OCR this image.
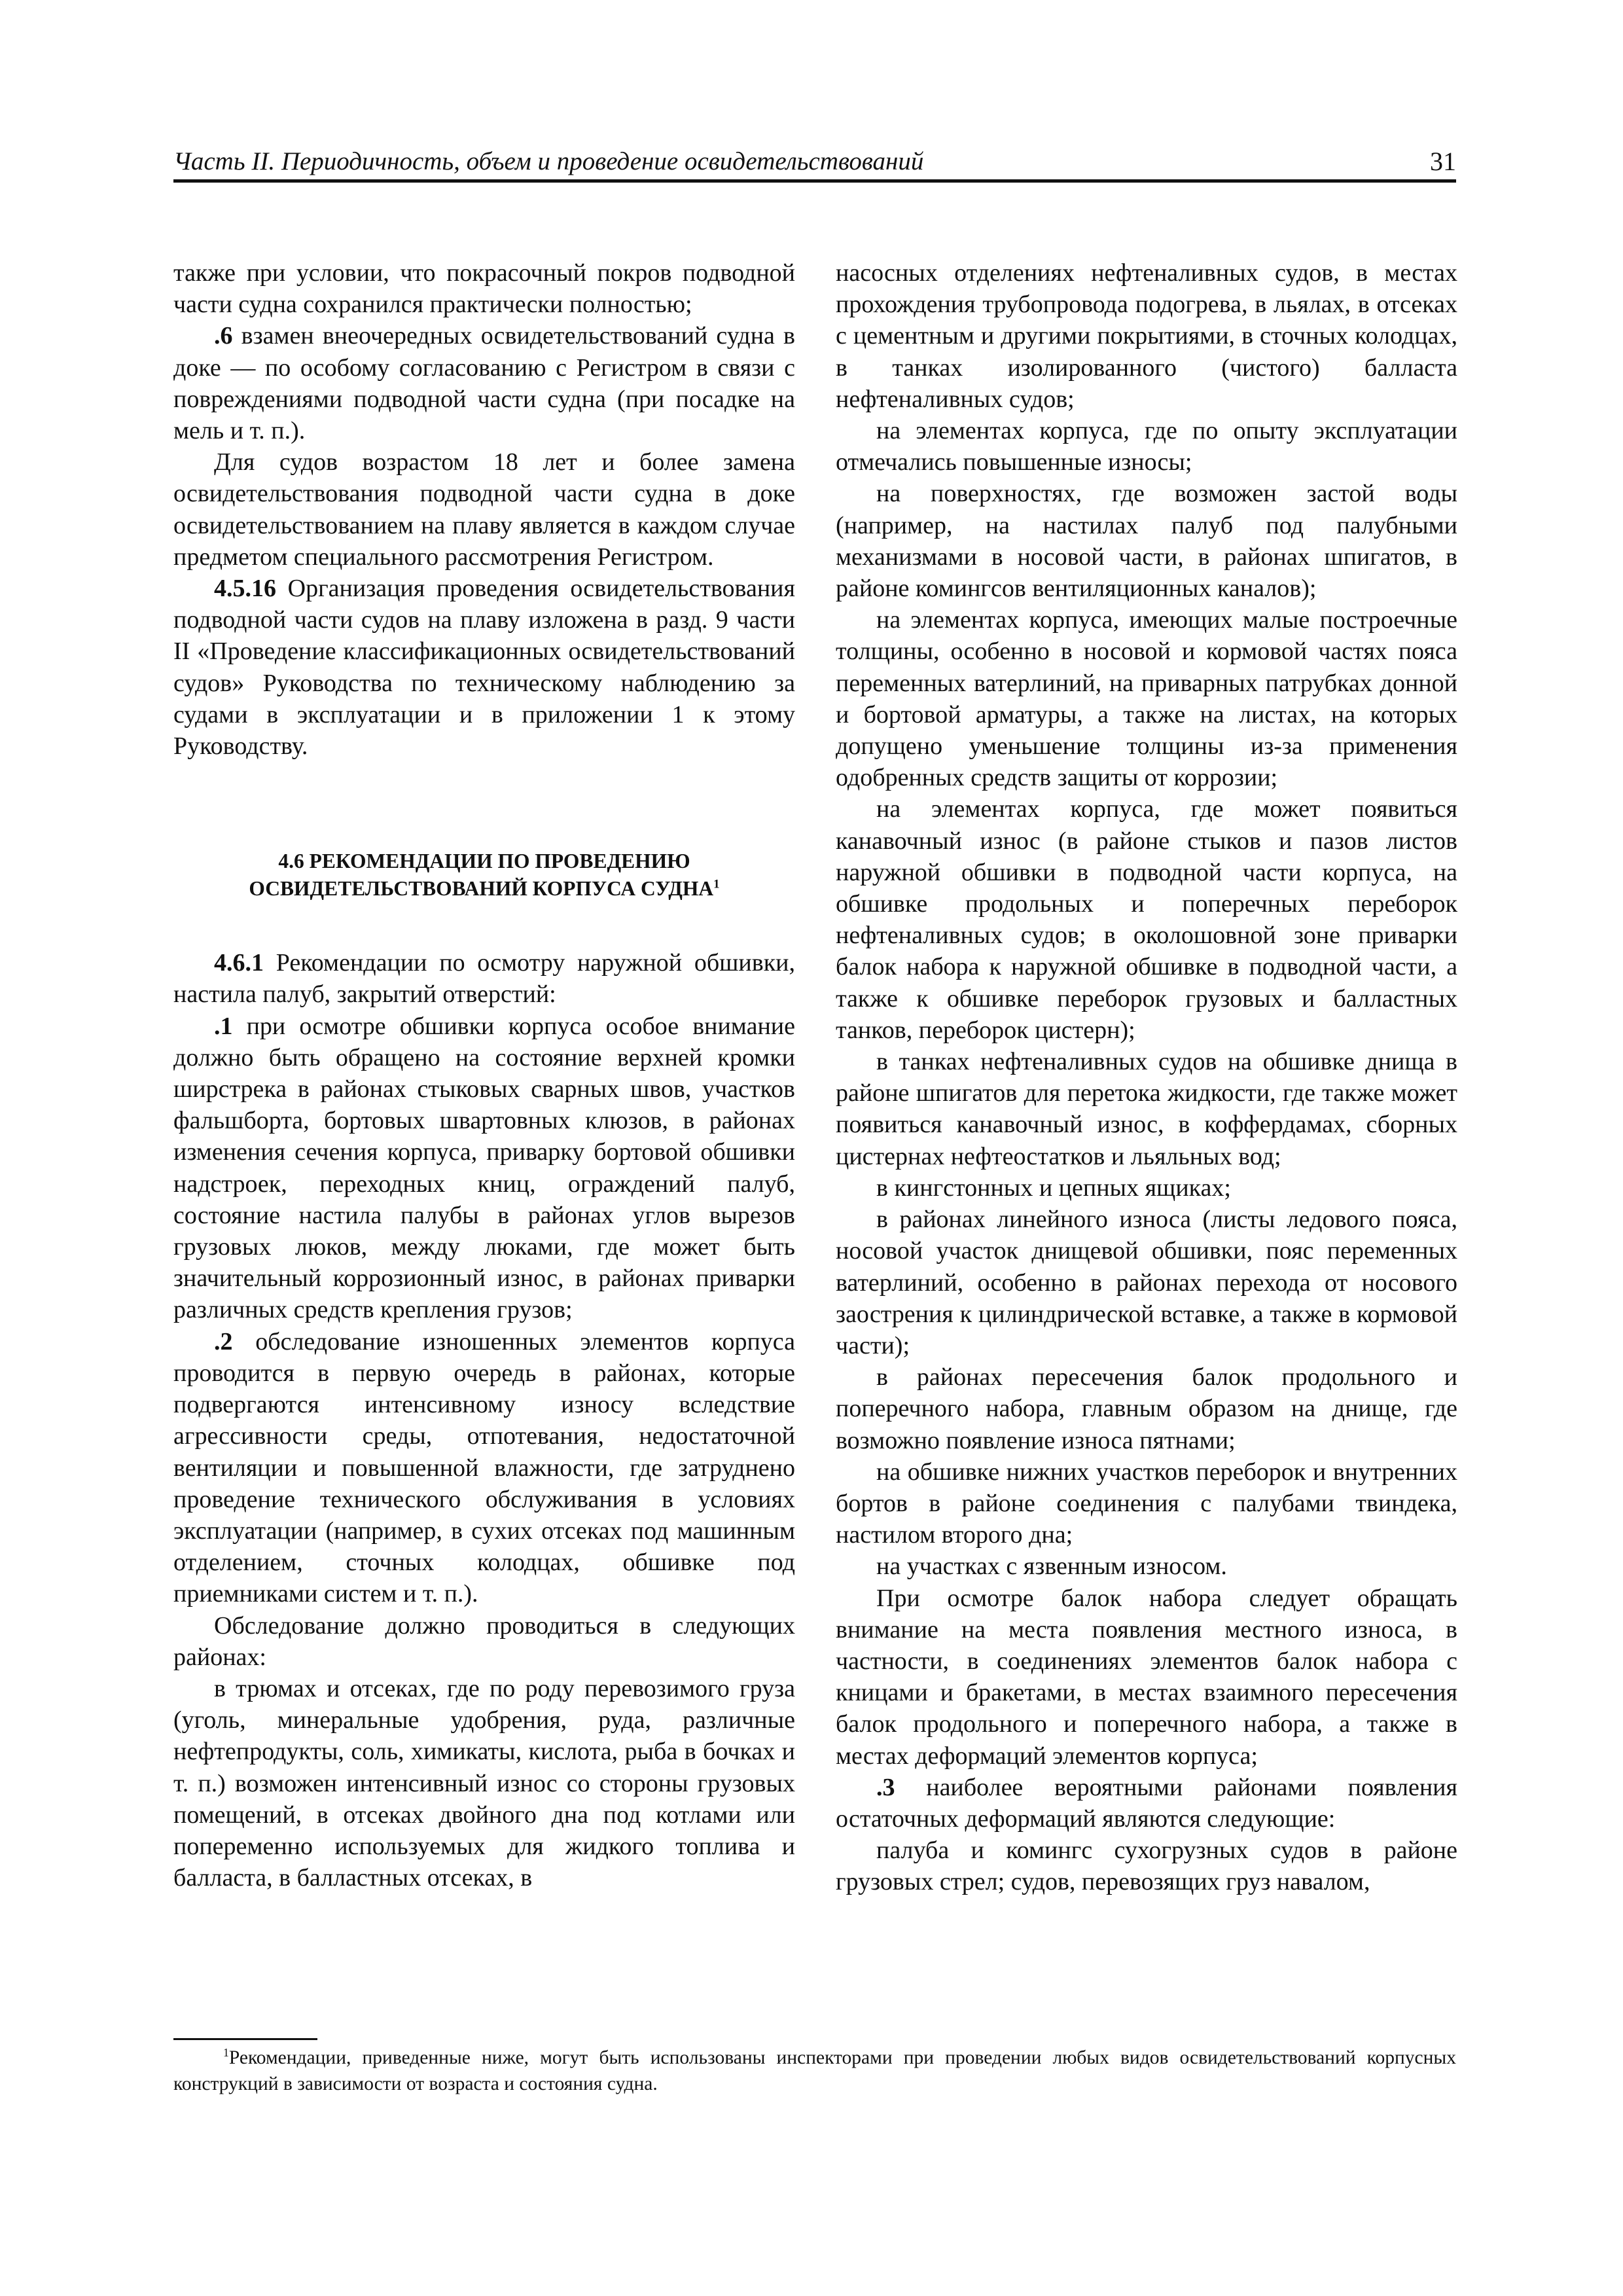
Часть II. Периодичность, объем и проведение освидетельствований	31

также при условии, что покрасочный покров подводной части судна сохранился практически полностью;

.6 взамен внеочередных освидетельствований судна в доке — по особому согласованию с Регистром в связи с повреждениями подводной части судна (при посадке на мель и т. п.).

Для судов возрастом 18 лет и более замена освидетельствования подводной части судна в доке освидетельствованием на плаву является в каждом случае предметом специального рассмотрения Регистром.

4.5.16 Организация проведения освидетельствования подводной части судов на плаву изложена в разд. 9 части II «Проведение классификационных освидетельствований судов» Руководства по техническому наблюдению за судами в эксплуатации и в приложении 1 к этому Руководству.

4.6 РЕКОМЕНДАЦИИ ПО ПРОВЕДЕНИЮ
ОСВИДЕТЕЛЬСТВОВАНИЙ КОРПУСА СУДНА$^1$

4.6.1 Рекомендации по осмотру наружной обшивки, настила палуб, закрытий отверстий:

.1 при осмотре обшивки корпуса особое внимание должно быть обращено на состояние верхней кромки ширстрека в районах стыковых сварных швов, участков фальшборта, бортовых швартовных клюзов, в районах изменения сечения корпуса, приварку бортовой обшивки надстроек, переходных книц, ограждений палуб, состояние настила палубы в районах углов вырезов грузовых люков, между люками, где может быть значительный коррозионный износ, в районах приварки различных средств крепления грузов;

.2 обследование изношенных элементов корпуса проводится в первую очередь в районах, которые подвергаются интенсивному износу вследствие агрессивности среды, отпотевания, недостаточной вентиляции и повышенной влажности, где затруднено проведение технического обслуживания в условиях эксплуатации (например, в сухих отсеках под машинным отделением, сточных колодцах, обшивке под приемниками систем и т. п.).

Обследование должно проводиться в следующих районах:

в трюмах и отсеках, где по роду перевозимого груза (уголь, минеральные удобрения, руда, различные нефтепродукты, соль, химикаты, кислота, рыба в бочках и т. п.) возможен интенсивный износ со стороны грузовых помещений, в отсеках двойного дна под котлами или попеременно используемых для жидкого топлива и балласта, в балластных отсеках, в

насосных отделениях нефтеналивных судов, в местах прохождения трубопровода подогрева, в льялах, в отсеках с цементным и другими покрытиями, в сточных колодцах, в танках изолированного (чистого) балласта нефтеналивных судов;

на элементах корпуса, где по опыту эксплуатации отмечались повышенные износы;

на поверхностях, где возможен застой воды (например, на настилах палуб под палубными механизмами в носовой части, в районах шпигатов, в районе комингсов вентиляционных каналов);

на элементах корпуса, имеющих малые построечные толщины, особенно в носовой и кормовой частях пояса переменных ватерлиний, на приварных патрубках донной и бортовой арматуры, а также на листах, на которых допущено уменьшение толщины из-за применения одобренных средств защиты от коррозии;

на элементах корпуса, где может появиться канавочный износ (в районе стыков и пазов листов наружной обшивки в подводной части корпуса, на обшивке продольных и поперечных переборок нефтеналивных судов; в околошовной зоне приварки балок набора к наружной обшивке в подводной части, а также к обшивке переборок грузовых и балластных танков, переборок цистерн);

в танках нефтеналивных судов на обшивке днища в районе шпигатов для перетока жидкости, где также может появиться канавочный износ, в коффердамах, сборных цистернах нефтеостатков и льяльных вод;

в кингстонных и цепных ящиках;

в районах линейного износа (листы ледового пояса, носовой участок днищевой обшивки, пояс переменных ватерлиний, особенно в районах перехода от носового заострения к цилиндрической вставке, а также в кормовой части);

в районах пересечения балок продольного и поперечного набора, главным образом на днище, где возможно появление износа пятнами;

на обшивке нижних участков переборок и внутренних бортов в районе соединения с палубами твиндека, настилом второго дна;

на участках с язвенным износом.

При осмотре балок набора следует обращать внимание на места появления местного износа, в частности, в соединениях элементов балок набора с кницами и бракетами, в местах взаимного пересечения балок продольного и поперечного набора, а также в местах деформаций элементов корпуса;

.3 наиболее вероятными районами появления остаточных деформаций являются следующие:

палуба и комингс сухогрузных судов в районе грузовых стрел; судов, перевозящих груз навалом,

$^1$Рекомендации, приведенные ниже, могут быть использованы инспекторами при проведении любых видов освидетельствований корпусных конструкций в зависимости от возраста и состояния судна.
